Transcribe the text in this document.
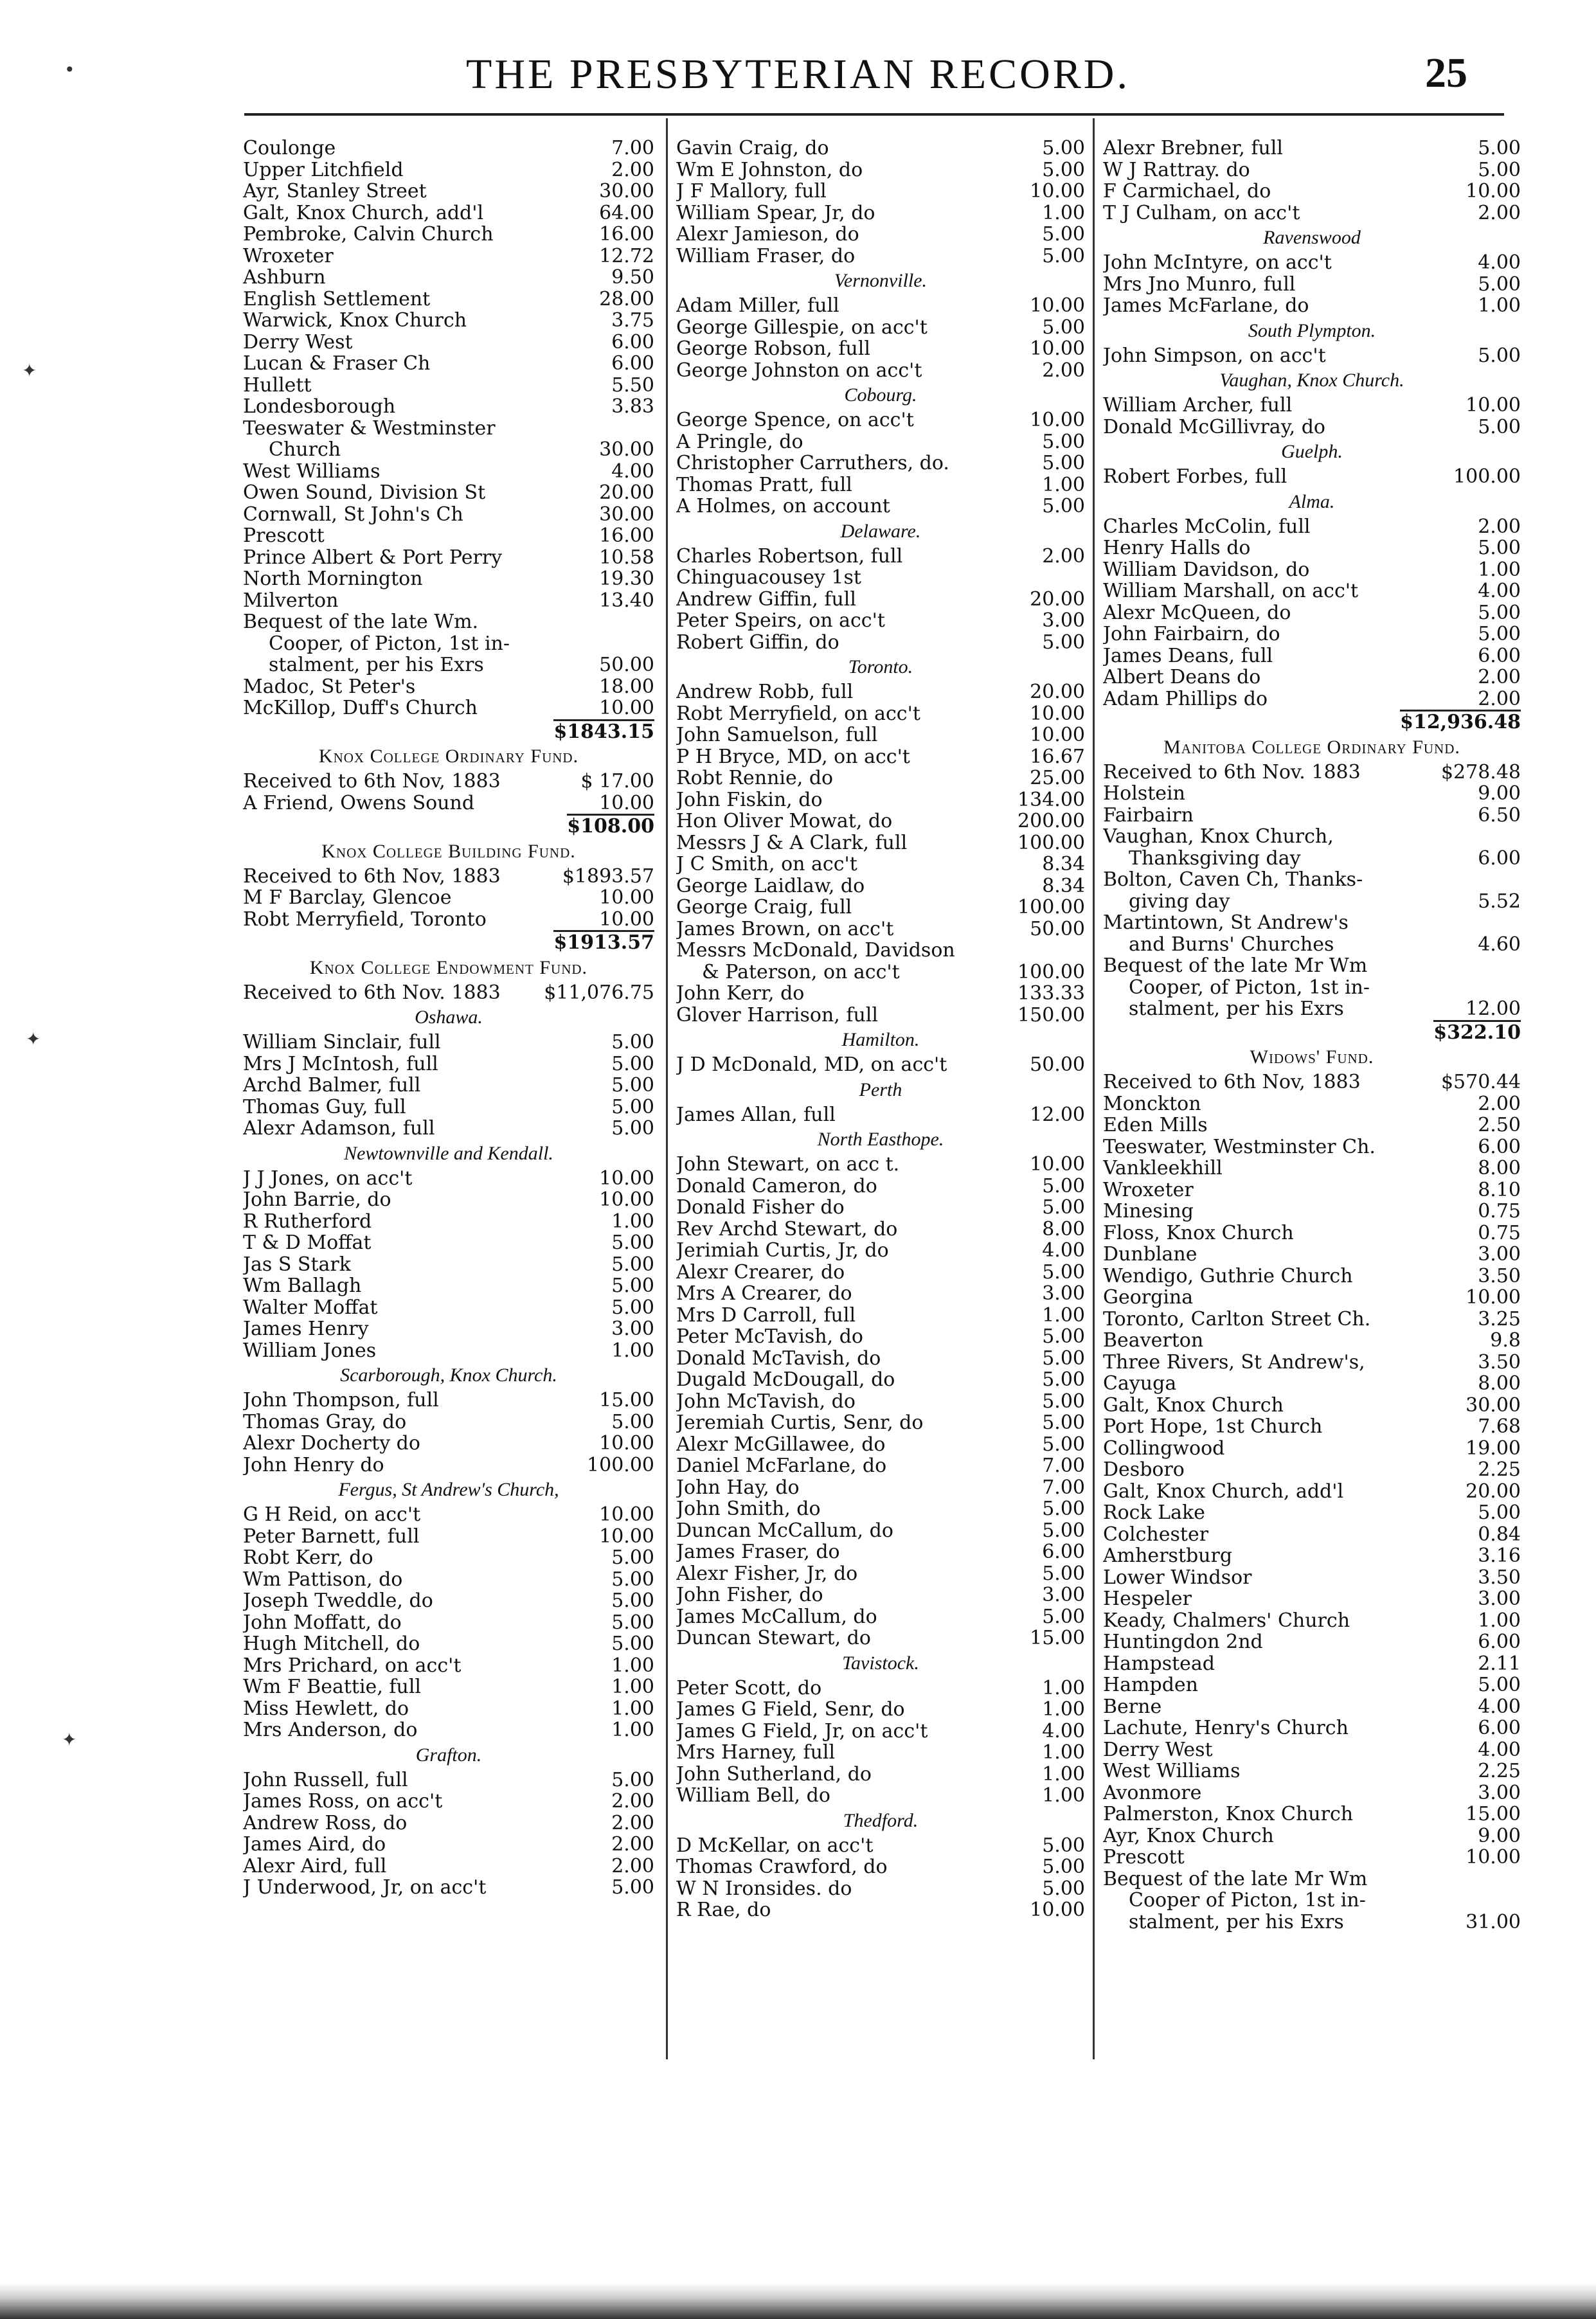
THE PRESBYTERIAN RECORD.	25
Coulonge	7.00
Upper Litchfield	2.00
Ayr, Stanley Street	30.00
Galt, Knox Church, add'l	64.00
Pembroke, Calvin Church	16.00
Wroxeter	12.72
Ashburn	9.50
English Settlement	28.00
Warwick, Knox Church	3.75
Derry West	6.00
Lucan & Fraser Ch	6.00
Hullett	5.50
Londesborough	3.83
Teeswater & Westminster
Church	30.00
West Williams	4.00
Owen Sound, Division St	20.00
Cornwall, St John's Ch	30.00
Prescott	16.00
Prince Albert & Port Perry	10.58
North Mornington	19.30
Milverton	13.40
Bequest of the late Wm.
Cooper, of Picton, 1st in-
stalment, per his Exrs	50.00
Madoc, St Peter's	18.00
McKillop, Duff's Church	10.00
$1843.15
Knox College Ordinary Fund.
Received to 6th Nov, 1883	$ 17.00
A Friend, Owens Sound	10.00
$108.00
Knox College Building Fund.
Received to 6th Nov, 1883	$1893.57
M F Barclay, Glencoe	10.00
Robt Merryfield, Toronto	10.00
$1913.57
Knox College Endowment Fund.
Received to 6th Nov. 1883	$11,076.75
Oshawa.
William Sinclair, full	5.00
Mrs J McIntosh, full	5.00
Archd Balmer, full	5.00
Thomas Guy, full	5.00
Alexr Adamson, full	5.00
Newtownville and Kendall.
J J Jones, on acc't	10.00
John Barrie, do	10.00
R Rutherford	1.00
T & D Moffat	5.00
Jas S Stark	5.00
Wm Ballagh	5.00
Walter Moffat	5.00
James Henry	3.00
William Jones	1.00
Scarborough, Knox Church.
John Thompson, full	15.00
Thomas Gray, do	5.00
Alexr Docherty do	10.00
John Henry do	100.00
Fergus, St Andrew's Church,
G H Reid, on acc't	10.00
Peter Barnett, full	10.00
Robt Kerr, do	5.00
Wm Pattison, do	5.00
Joseph Tweddle, do	5.00
John Moffatt, do	5.00
Hugh Mitchell, do	5.00
Mrs Prichard, on acc't	1.00
Wm F Beattie, full	1.00
Miss Hewlett, do	1.00
Mrs Anderson, do	1.00
Grafton.
John Russell, full	5.00
James Ross, on acc't	2.00
Andrew Ross, do	2.00
James Aird, do	2.00
Alexr Aird, full	2.00
J Underwood, Jr, on acc't	5.00
Gavin Craig, do	5.00
Wm E Johnston, do	5.00
J F Mallory, full	10.00
William Spear, Jr, do	1.00
Alexr Jamieson, do	5.00
William Fraser, do	5.00
Vernonville.
Adam Miller, full	10.00
George Gillespie, on acc't	5.00
George Robson, full	10.00
George Johnston on acc't	2.00
Cobourg.
George Spence, on acc't	10.00
A Pringle, do	5.00
Christopher Carruthers, do.	5.00
Thomas Pratt, full	1.00
A Holmes, on account	5.00
Delaware.
Charles Robertson, full	2.00
Chinguacousey 1st
Andrew Giffin, full	20.00
Peter Speirs, on acc't	3.00
Robert Giffin, do	5.00
Toronto.
Andrew Robb, full	20.00
Robt Merryfield, on acc't	10.00
John Samuelson, full	10.00
P H Bryce, MD, on acc't	16.67
Robt Rennie, do	25.00
John Fiskin, do	134.00
Hon Oliver Mowat, do	200.00
Messrs J & A Clark, full	100.00
J C Smith, on acc't	8.34
George Laidlaw, do	8.34
George Craig, full	100.00
James Brown, on acc't	50.00
Messrs McDonald, Davidson
& Paterson, on acc't	100.00
John Kerr, do	133.33
Glover Harrison, full	150.00
Hamilton.
J D McDonald, MD, on acc't	50.00
Perth
James Allan, full	12.00
North Easthope.
John Stewart, on acc t.	10.00
Donald Cameron, do	5.00
Donald Fisher do	5.00
Rev Archd Stewart, do	8.00
Jerimiah Curtis, Jr, do	4.00
Alexr Crearer, do	5.00
Mrs A Crearer, do	3.00
Mrs D Carroll, full	1.00
Peter McTavish, do	5.00
Donald McTavish, do	5.00
Dugald McDougall, do	5.00
John McTavish, do	5.00
Jeremiah Curtis, Senr, do	5.00
Alexr McGillawee, do	5.00
Daniel McFarlane, do	7.00
John Hay, do	7.00
John Smith, do	5.00
Duncan McCallum, do	5.00
James Fraser, do	6.00
Alexr Fisher, Jr, do	5.00
John Fisher, do	3.00
James McCallum, do	5.00
Duncan Stewart, do	15.00
Tavistock.
Peter Scott, do	1.00
James G Field, Senr, do	1.00
James G Field, Jr, on acc't	4.00
Mrs Harney, full	1.00
John Sutherland, do	1.00
William Bell, do	1.00
Thedford.
D McKellar, on acc't	5.00
Thomas Crawford, do	5.00
W N Ironsides. do	5.00
R Rae, do	10.00
Alexr Brebner, full	5.00
W J Rattray. do	5.00
F Carmichael, do	10.00
T J Culham, on acc't	2.00
Ravenswood
John McIntyre, on acc't	4.00
Mrs Jno Munro, full	5.00
James McFarlane, do	1.00
South Plympton.
John Simpson, on acc't	5.00
Vaughan, Knox Church.
William Archer, full	10.00
Donald McGillivray, do	5.00
Guelph.
Robert Forbes, full	100.00
Alma.
Charles McColin, full	2.00
Henry Halls do	5.00
William Davidson, do	1.00
William Marshall, on acc't	4.00
Alexr McQueen, do	5.00
John Fairbairn, do	5.00
James Deans, full	6.00
Albert Deans do	2.00
Adam Phillips do	2.00
$12,936.48
Manitoba College Ordinary Fund.
Received to 6th Nov. 1883	$278.48
Holstein	9.00
Fairbairn	6.50
Vaughan, Knox Church,
Thanksgiving day	6.00
Bolton, Caven Ch, Thanks-
giving day	5.52
Martintown, St Andrew's
and Burns' Churches	4.60
Bequest of the late Mr Wm
Cooper, of Picton, 1st in-
stalment, per his Exrs	12.00
$322.10
Widows' Fund.
Received to 6th Nov, 1883	$570.44
Monckton	2.00
Eden Mills	2.50
Teeswater, Westminster Ch.	6.00
Vankleekhill	8.00
Wroxeter	8.10
Minesing	0.75
Floss, Knox Church	0.75
Dunblane	3.00
Wendigo, Guthrie Church	3.50
Georgina	10.00
Toronto, Carlton Street Ch.	3.25
Beaverton	9.8
Three Rivers, St Andrew's,	3.50
Cayuga	8.00
Galt, Knox Church	30.00
Port Hope, 1st Church	7.68
Collingwood	19.00
Desboro	2.25
Galt, Knox Church, add'l	20.00
Rock Lake	5.00
Colchester	0.84
Amherstburg	3.16
Lower Windsor	3.50
Hespeler	3.00
Keady, Chalmers' Church	1.00
Huntingdon 2nd	6.00
Hampstead	2.11
Hampden	5.00
Berne	4.00
Lachute, Henry's Church	6.00
Derry West	4.00
West Williams	2.25
Avonmore	3.00
Palmerston, Knox Church	15.00
Ayr, Knox Church	9.00
Prescott	10.00
Bequest of the late Mr Wm
Cooper of Picton, 1st in-
stalment, per his Exrs	31.00
•
✦
✦
✦
